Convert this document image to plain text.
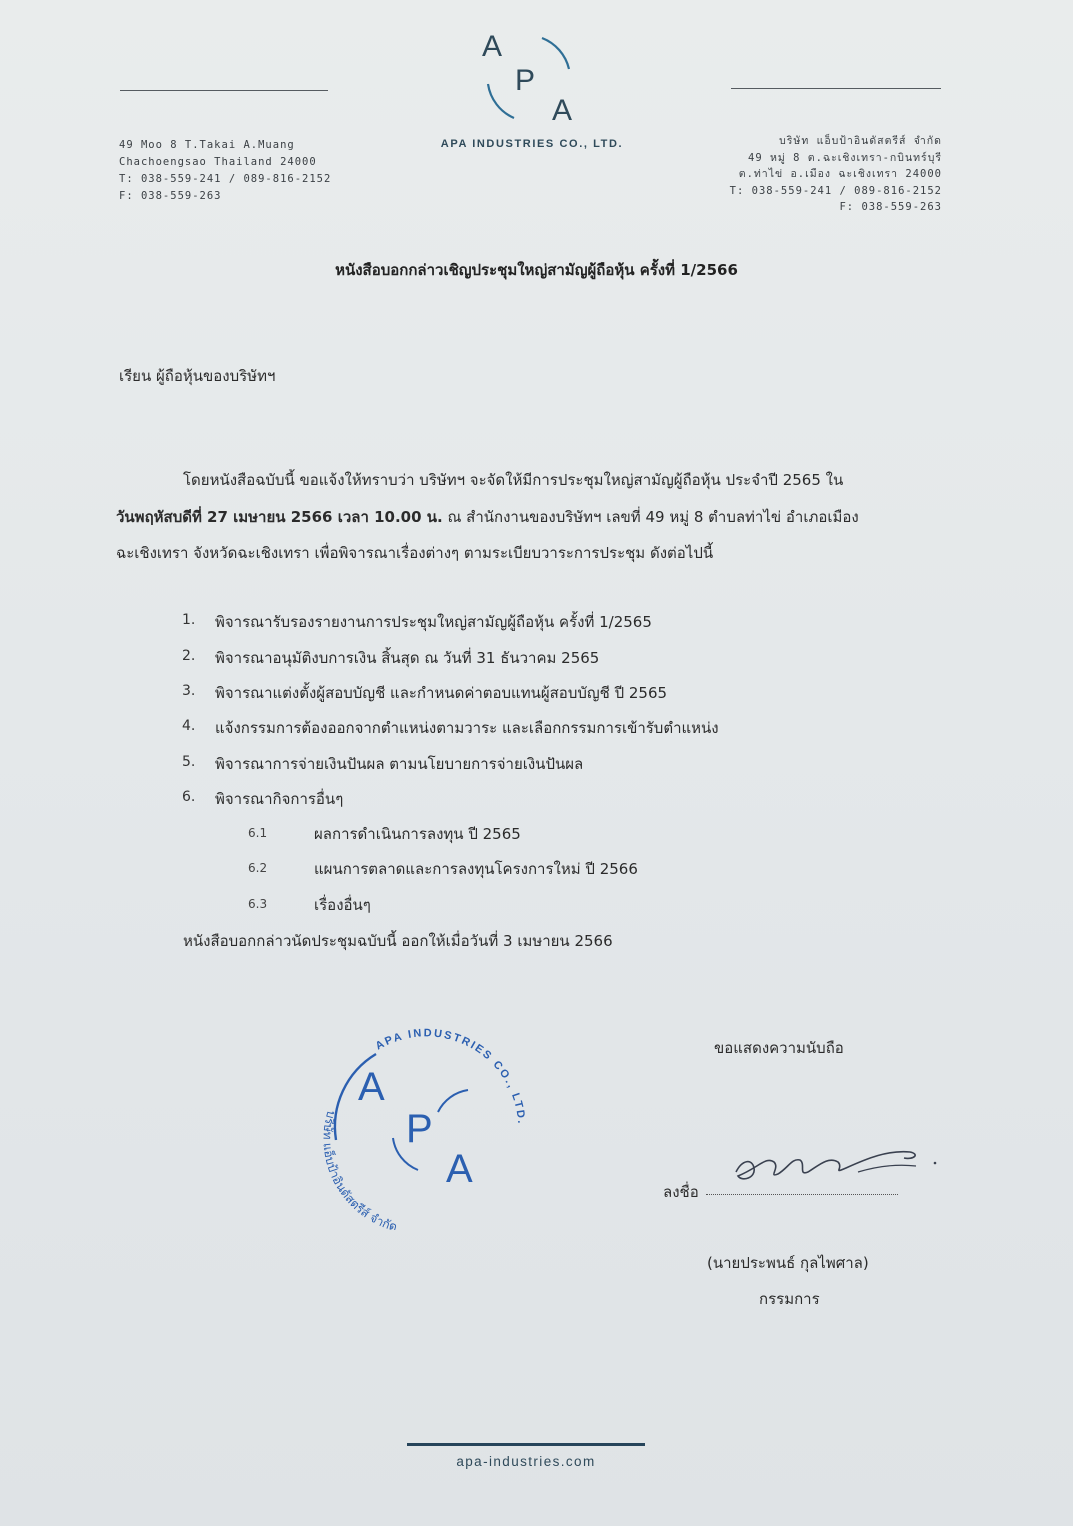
A
P
A
APA INDUSTRIES CO., LTD.
49 Moo 8 T.Takai A.Muang
Chachoengsao Thailand 24000
T: 038-559-241 / 089-816-2152
F: 038-559-263
บริษัท แอ็บป้าอินดัสตรีส์ จำกัด
49 หมู่ 8 ต.ฉะเชิงเทรา-กบินทร์บุรี
ต.ท่าไข่ อ.เมือง ฉะเชิงเทรา 24000
T: 038-559-241 / 089-816-2152
F: 038-559-263
หนังสือบอกกล่าวเชิญประชุมใหญ่สามัญผู้ถือหุ้น ครั้งที่ 1/2566
เรียน ผู้ถือหุ้นของบริษัทฯ
โดยหนังสือฉบับนี้ ขอแจ้งให้ทราบว่า บริษัทฯ จะจัดให้มีการประชุมใหญ่สามัญผู้ถือหุ้น ประจำปี 2565 ใน
วันพฤหัสบดีที่ 27 เมษายน 2566 เวลา 10.00 น. ณ สำนักงานของบริษัทฯ เลขที่ 49 หมู่ 8 ตำบลท่าไข่ อำเภอเมือง
ฉะเชิงเทรา จังหวัดฉะเชิงเทรา เพื่อพิจารณาเรื่องต่างๆ ตามระเบียบวาระการประชุม ดังต่อไปนี้
1. พิจารณารับรองรายงานการประชุมใหญ่สามัญผู้ถือหุ้น ครั้งที่ 1/2565
2. พิจารณาอนุมัติงบการเงิน สิ้นสุด ณ วันที่ 31 ธันวาคม 2565
3. พิจารณาแต่งตั้งผู้สอบบัญชี และกำหนดค่าตอบแทนผู้สอบบัญชี ปี 2565
4. แจ้งกรรมการต้องออกจากตำแหน่งตามวาระ และเลือกกรรมการเข้ารับตำแหน่ง
5. พิจารณาการจ่ายเงินปันผล ตามนโยบายการจ่ายเงินปันผล
6. พิจารณากิจการอื่นๆ
6.1	ผลการดำเนินการลงทุน ปี 2565
6.2	แผนการตลาดและการลงทุนโครงการใหม่ ปี 2566
6.3	เรื่องอื่นๆ
หนังสือบอกกล่าวนัดประชุมฉบับนี้ ออกให้เมื่อวันที่ 3 เมษายน 2566
APA INDUSTRIES CO., LTD.
บริษัท แอ็บป้าอินดัสตรีส์ จำกัด
A
P
A
ขอแสดงความนับถือ
ลงชื่อ
(นายประพนธ์ กุลไพศาล)
กรรมการ
apa-industries.com
